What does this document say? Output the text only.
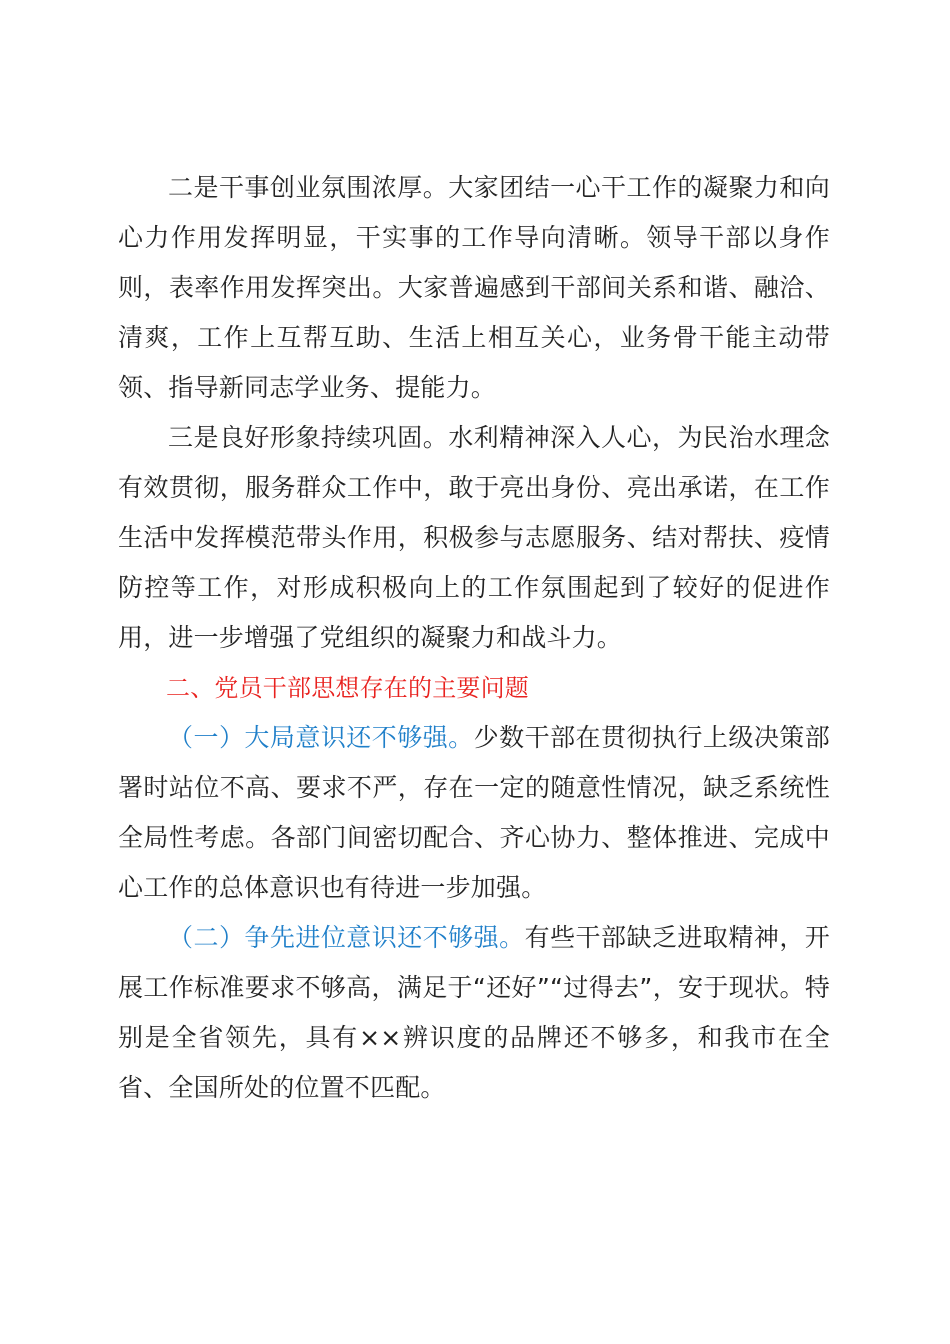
二是干事创业氛围浓厚。大家团结一心干工作的凝聚力和向心力作用发挥明显，干实事的工作导向清晰。领导干部以身作则，表率作用发挥突出。大家普遍感到干部间关系和谐、融洽、清爽，工作上互帮互助、生活上相互关心，业务骨干能主动带领、指导新同志学业务、提能力。

三是良好形象持续巩固。水利精神深入人心，为民治水理念有效贯彻，服务群众工作中，敢于亮出身份、亮出承诺，在工作生活中发挥模范带头作用，积极参与志愿服务、结对帮扶、疫情防控等工作，对形成积极向上的工作氛围起到了较好的促进作用，进一步增强了党组织的凝聚力和战斗力。

二、党员干部思想存在的主要问题

（一）大局意识还不够强。少数干部在贯彻执行上级决策部署时站位不高、要求不严，存在一定的随意性情况，缺乏系统性全局性考虑。各部门间密切配合、齐心协力、整体推进、完成中心工作的总体意识也有待进一步加强。

（二）争先进位意识还不够强。有些干部缺乏进取精神，开展工作标准要求不够高，满足于“还好”“过得去”，安于现状。特别是全省领先，具有××辨识度的品牌还不够多，和我市在全省、全国所处的位置不匹配。
